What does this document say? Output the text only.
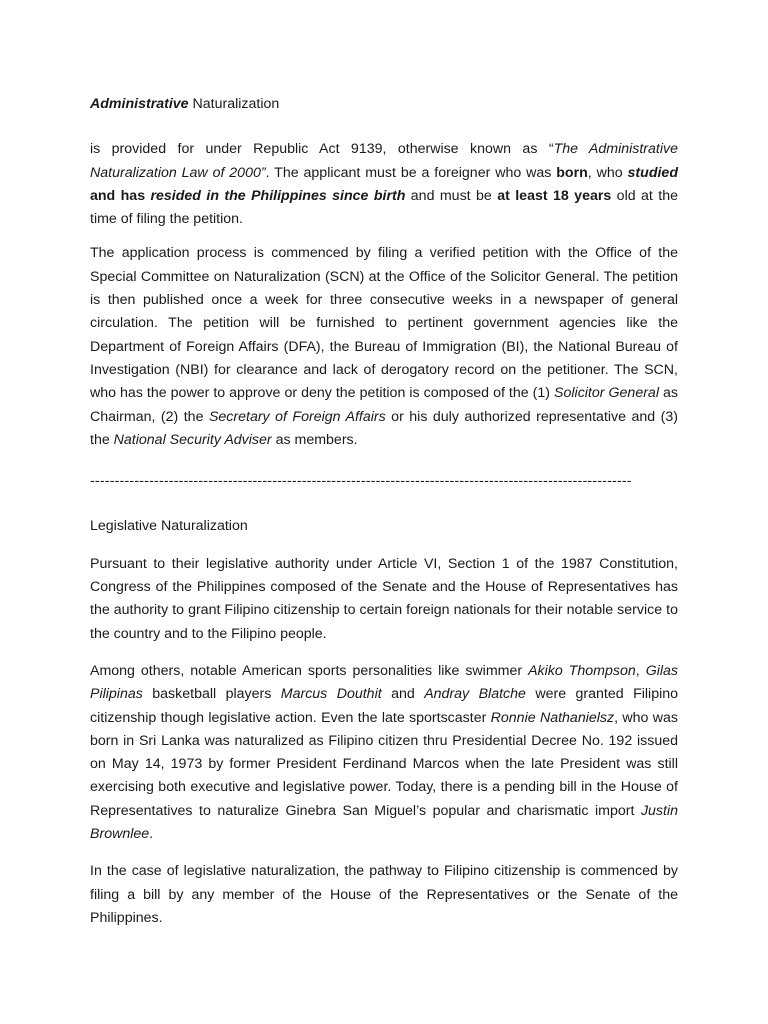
Administrative Naturalization

is provided for under Republic Act 9139, otherwise known as “The Administrative Naturalization Law of 2000”. The applicant must be a foreigner who was born, who studied and has resided in the Philippines since birth and must be at least 18 years old at the time of filing the petition.

The application process is commenced by filing a verified petition with the Office of the Special Committee on Naturalization (SCN) at the Office of the Solicitor General. The petition is then published once a week for three consecutive weeks in a newspaper of general circulation. The petition will be furnished to pertinent government agencies like the Department of Foreign Affairs (DFA), the Bureau of Immigration (BI), the National Bureau of Investigation (NBI) for clearance and lack of derogatory record on the petitioner. The SCN, who has the power to approve or deny the petition is composed of the (1) Solicitor General as Chairman, (2) the Secretary of Foreign Affairs or his duly authorized representative and (3) the National Security Adviser as members.

--------------------------------------------------------------------------------------------------------------

Legislative Naturalization

Pursuant to their legislative authority under Article VI, Section 1 of the 1987 Constitution, Congress of the Philippines composed of the Senate and the House of Representatives has the authority to grant Filipino citizenship to certain foreign nationals for their notable service to the country and to the Filipino people.

Among others, notable American sports personalities like swimmer Akiko Thompson, Gilas Pilipinas basketball players Marcus Douthit and Andray Blatche were granted Filipino citizenship though legislative action. Even the late sportscaster Ronnie Nathanielsz, who was born in Sri Lanka was naturalized as Filipino citizen thru Presidential Decree No. 192 issued on May 14, 1973 by former President Ferdinand Marcos when the late President was still exercising both executive and legislative power. Today, there is a pending bill in the House of Representatives to naturalize Ginebra San Miguel’s popular and charismatic import Justin Brownlee.

In the case of legislative naturalization, the pathway to Filipino citizenship is commenced by filing a bill by any member of the House of the Representatives or the Senate of the Philippines.
